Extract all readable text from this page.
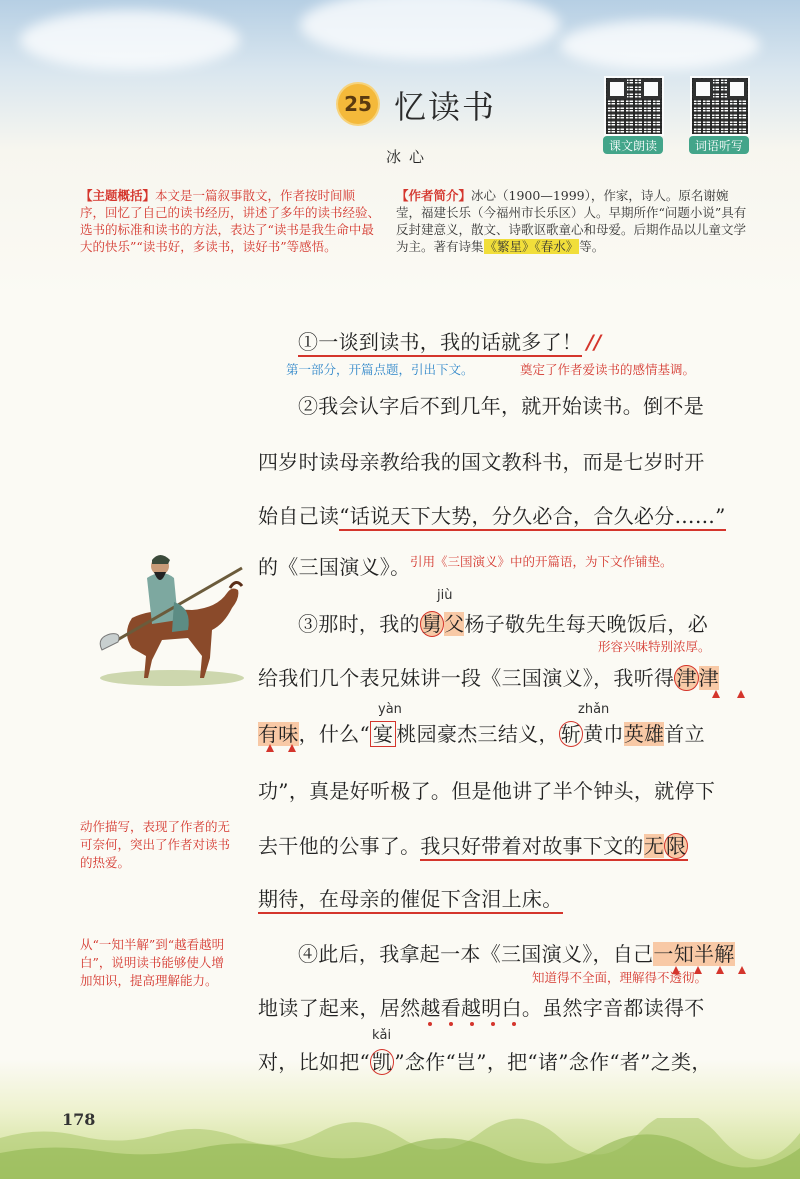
25 忆读书
冰心
课文朗读	词语听写
【主题概括】本文是一篇叙事散文，作者按时间顺序，回忆了自己的读书经历，讲述了多年的读书经验、选书的标准和读书的方法，表达了“读书是我生命中最大的快乐”“读书好，多读书，读好书”等感悟。
【作者简介】冰心（1900—1999），作家，诗人。原名谢婉莹，福建长乐（今福州市长乐区）人。早期所作“问题小说”具有反封建意义，散文、诗歌讴歌童心和母爱。后期作品以儿童文学为主。著有诗集《繁星》《春水》等。
①一谈到读书，我的话就多了！ //
第一部分，开篇点题，引出下文。	奠定了作者爱读书的感情基调。
②我会认字后不到几年，就开始读书。倒不是
四岁时读母亲教给我的国文教科书，而是七岁时开
始自己读“话说天下大势，分久必合，合久必分……”
的《三国演义》。 引用《三国演义》中的开篇语，为下文作铺垫。
jiù
③那时，我的 舅 父杨子敬先生每天晚饭后，必
形容兴味特别浓厚。
给我们几个表兄妹讲一段《三国演义》，我听得 津 津
yàn	zhǎn
有味，什么“ 宴 桃园豪杰三结义， 斩 黄巾英雄首立
功”，真是好听极了。但是他讲了半个钟头，就停下
去干他的公事了。我只好带着对故事下文的无 限
期待，在母亲的催促下含泪上床。
动作描写，表现了作者的无可奈何，突出了作者对读书的热爱。
从“一知半解”到“越看越明白”，说明读书能够使人增加知识，提高理解能力。
④此后，我拿起一本《三国演义》，自己一知半解
知道得不全面，理解得不透彻。
地读了起来，居然越看越明白。虽然字音都读得不
kǎi
对，比如把“ 凯 ”念作“岂”，把“诸”念作“者”之类，
178
